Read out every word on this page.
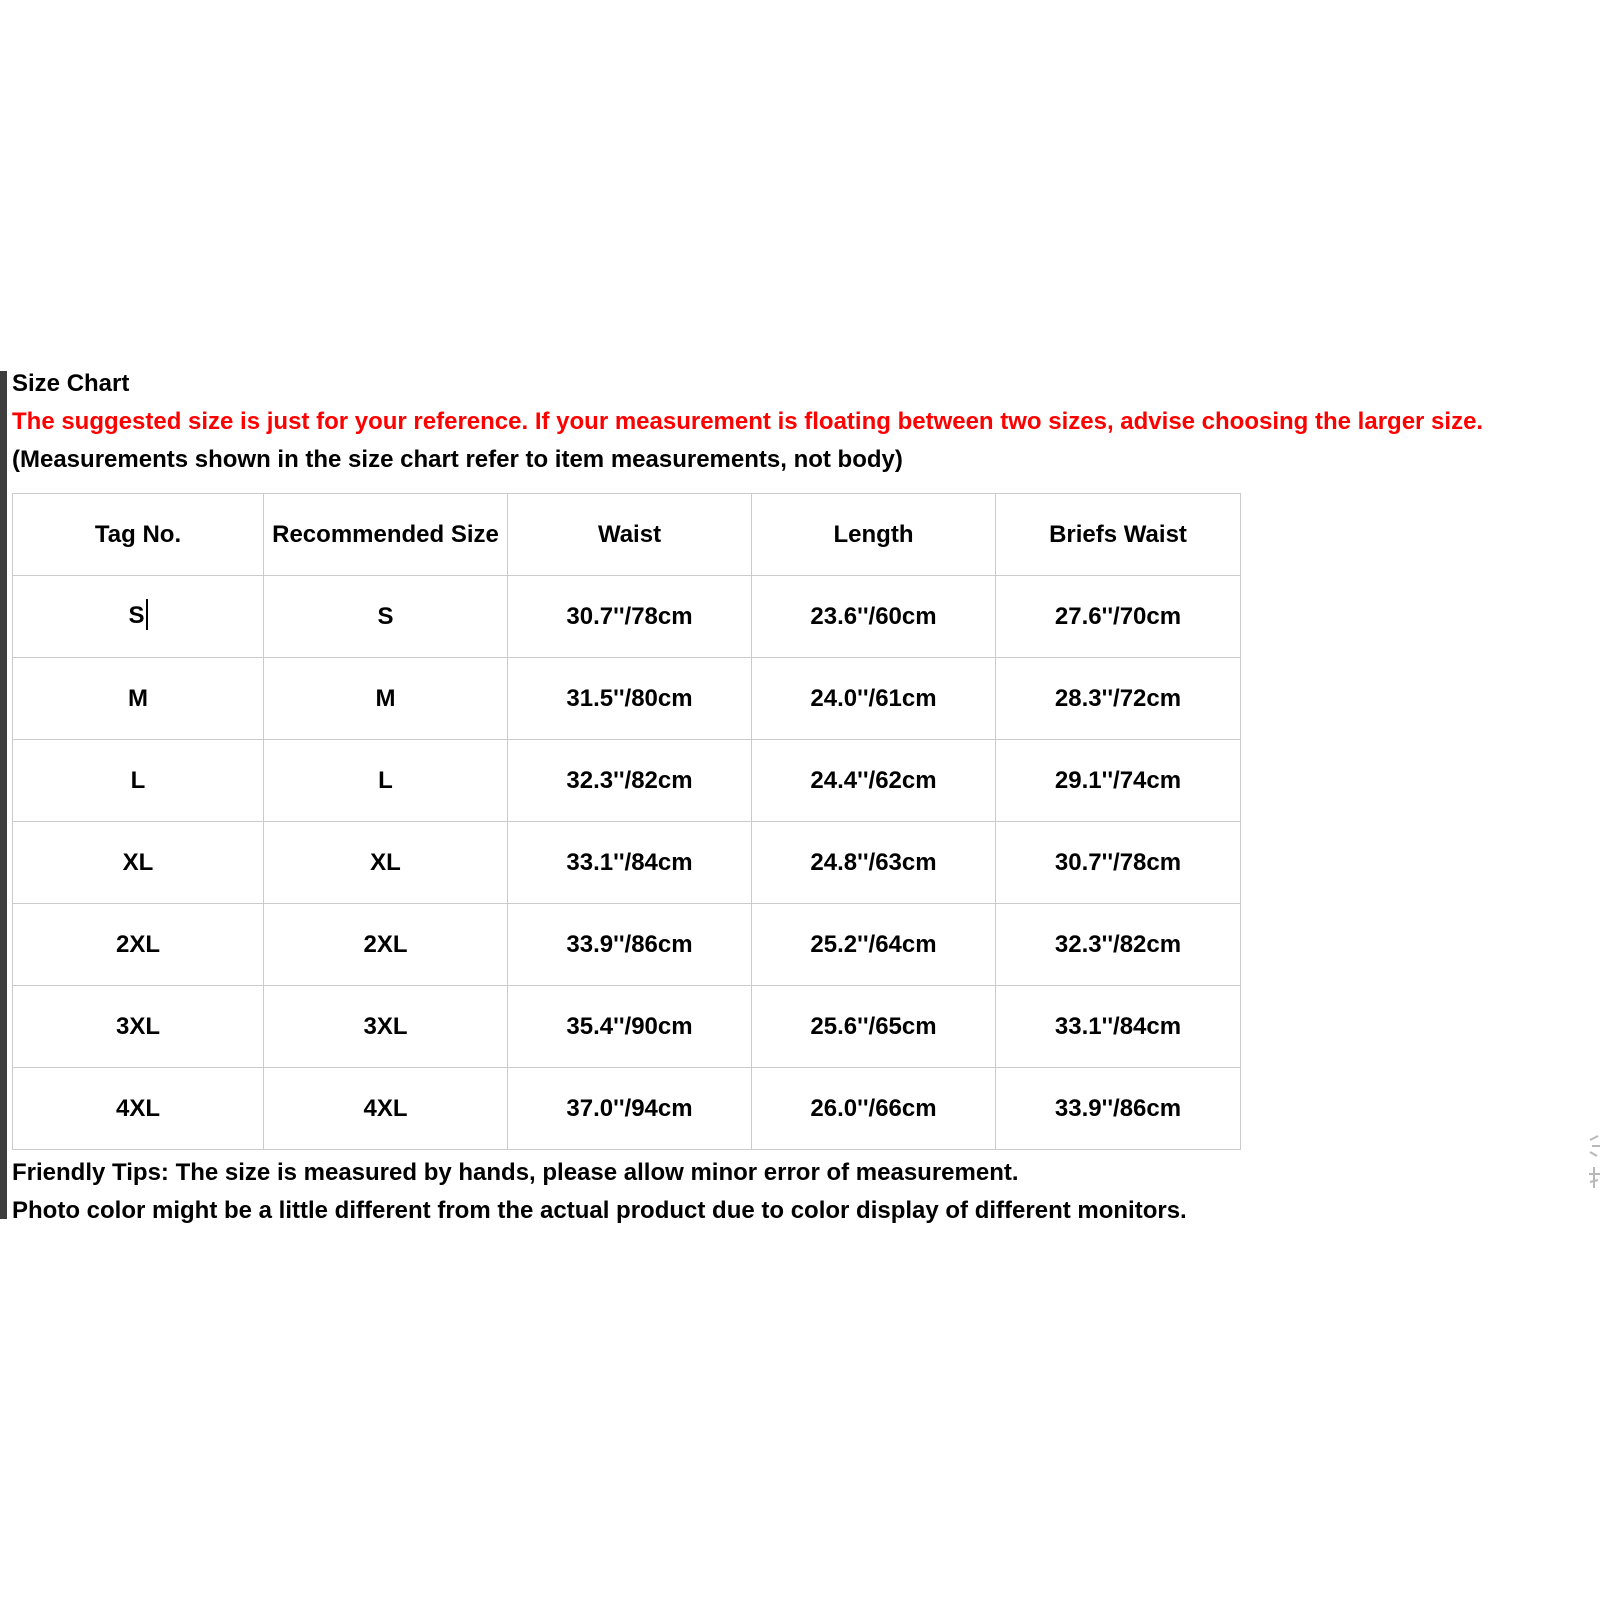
Size Chart
The suggested size is just for your reference. If your measurement is floating between two sizes, advise choosing the larger size.
(Measurements shown in the size chart refer to item measurements, not body)
Tag No.	Recommended Size	Waist	Length	Briefs Waist
S	S	30.7''/78cm	23.6''/60cm	27.6''/70cm
M	M	31.5''/80cm	24.0''/61cm	28.3''/72cm
L	L	32.3''/82cm	24.4''/62cm	29.1''/74cm
XL	XL	33.1''/84cm	24.8''/63cm	30.7''/78cm
2XL	2XL	33.9''/86cm	25.2''/64cm	32.3''/82cm
3XL	3XL	35.4''/90cm	25.6''/65cm	33.1''/84cm
4XL	4XL	37.0''/94cm	26.0''/66cm	33.9''/86cm
Friendly Tips: The size is measured by hands, please allow minor error of measurement.
Photo color might be a little different from the actual product due to color display of different monitors.
